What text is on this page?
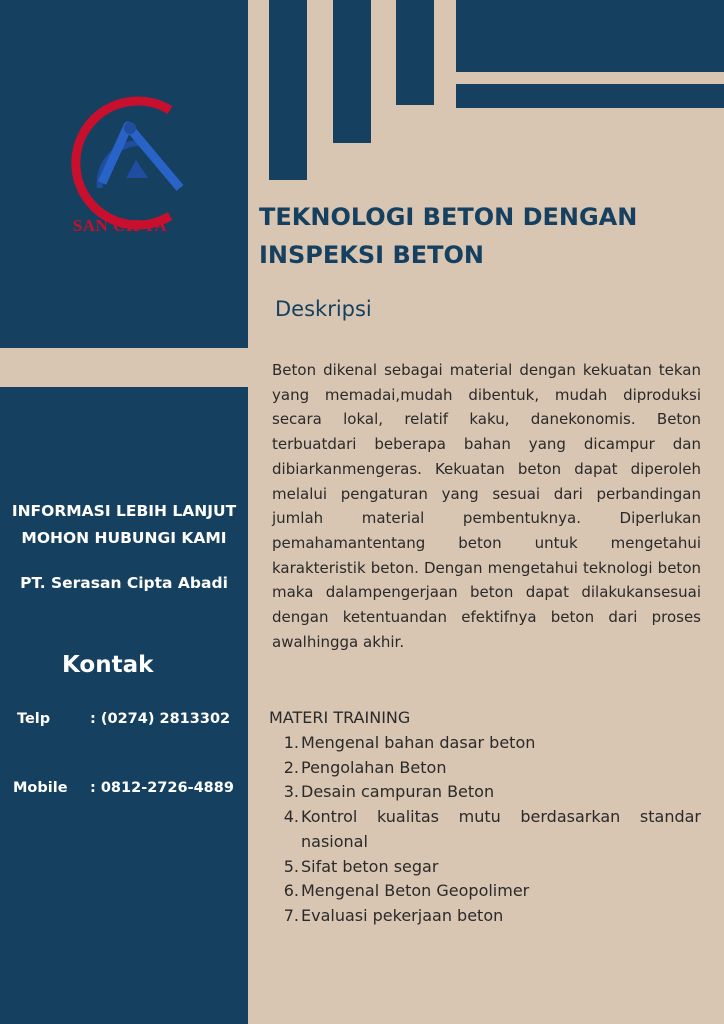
SAN CIPTA	TEKNOLOGI BETON DENGAN INSPEKSI BETON
Deskripsi

Beton dikenal sebagai material dengan kekuatan tekan yang memadai,mudah dibentuk, mudah diproduksi secara lokal, relatif kaku, danekonomis. Beton terbuatdari beberapa bahan yang dicampur dan dibiarkanmengeras. Kekuatan beton dapat diperoleh melalui pengaturan yang sesuai dari perbandingan jumlah material pembentuknya. Diperlukan pemahamantentang beton untuk mengetahui karakteristik beton. Dengan mengetahui teknologi beton maka dalampengerjaan beton dapat dilakukansesuai dengan ketentuandan efektifnya beton dari proses awalhingga akhir.

INFORMASI LEBIH LANJUT
MOHON HUBUNGI KAMI
PT. Serasan Cipta Abadi
Kontak
Telp	: (0274) 2813302
Mobile : 0812-2726-4889

MATERI TRAINING

1. Mengenal bahan dasar beton
2. Pengolahan Beton
3. Desain campuran Beton
4. Kontrol kualitas mutu berdasarkan standar nasional
5. Sifat beton segar
6. Mengenal Beton Geopolimer
7. Evaluasi pekerjaan beton
